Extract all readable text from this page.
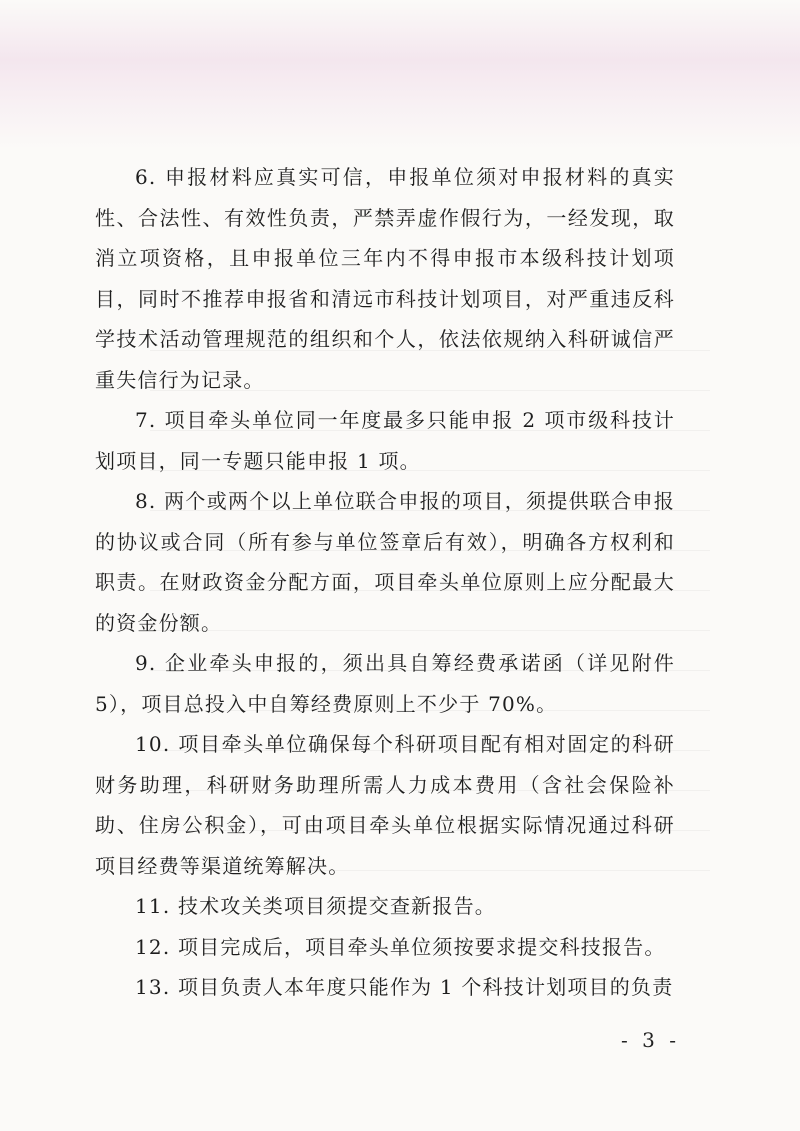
6. 申报材料应真实可信，申报单位须对申报材料的真实性、合法性、有效性负责，严禁弄虚作假行为，一经发现，取消立项资格，且申报单位三年内不得申报市本级科技计划项目，同时不推荐申报省和清远市科技计划项目，对严重违反科学技术活动管理规范的组织和个人，依法依规纳入科研诚信严重失信行为记录。

7. 项目牵头单位同一年度最多只能申报 2 项市级科技计划项目，同一专题只能申报 1 项。

8. 两个或两个以上单位联合申报的项目，须提供联合申报的协议或合同（所有参与单位签章后有效），明确各方权利和职责。在财政资金分配方面，项目牵头单位原则上应分配最大的资金份额。

9. 企业牵头申报的，须出具自筹经费承诺函（详见附件 5），项目总投入中自筹经费原则上不少于 70%。

10. 项目牵头单位确保每个科研项目配有相对固定的科研财务助理，科研财务助理所需人力成本费用（含社会保险补助、住房公积金），可由项目牵头单位根据实际情况通过科研项目经费等渠道统筹解决。

11. 技术攻关类项目须提交查新报告。

12. 项目完成后，项目牵头单位须按要求提交科技报告。

13. 项目负责人本年度只能作为 1 个科技计划项目的负责

- 3 -
